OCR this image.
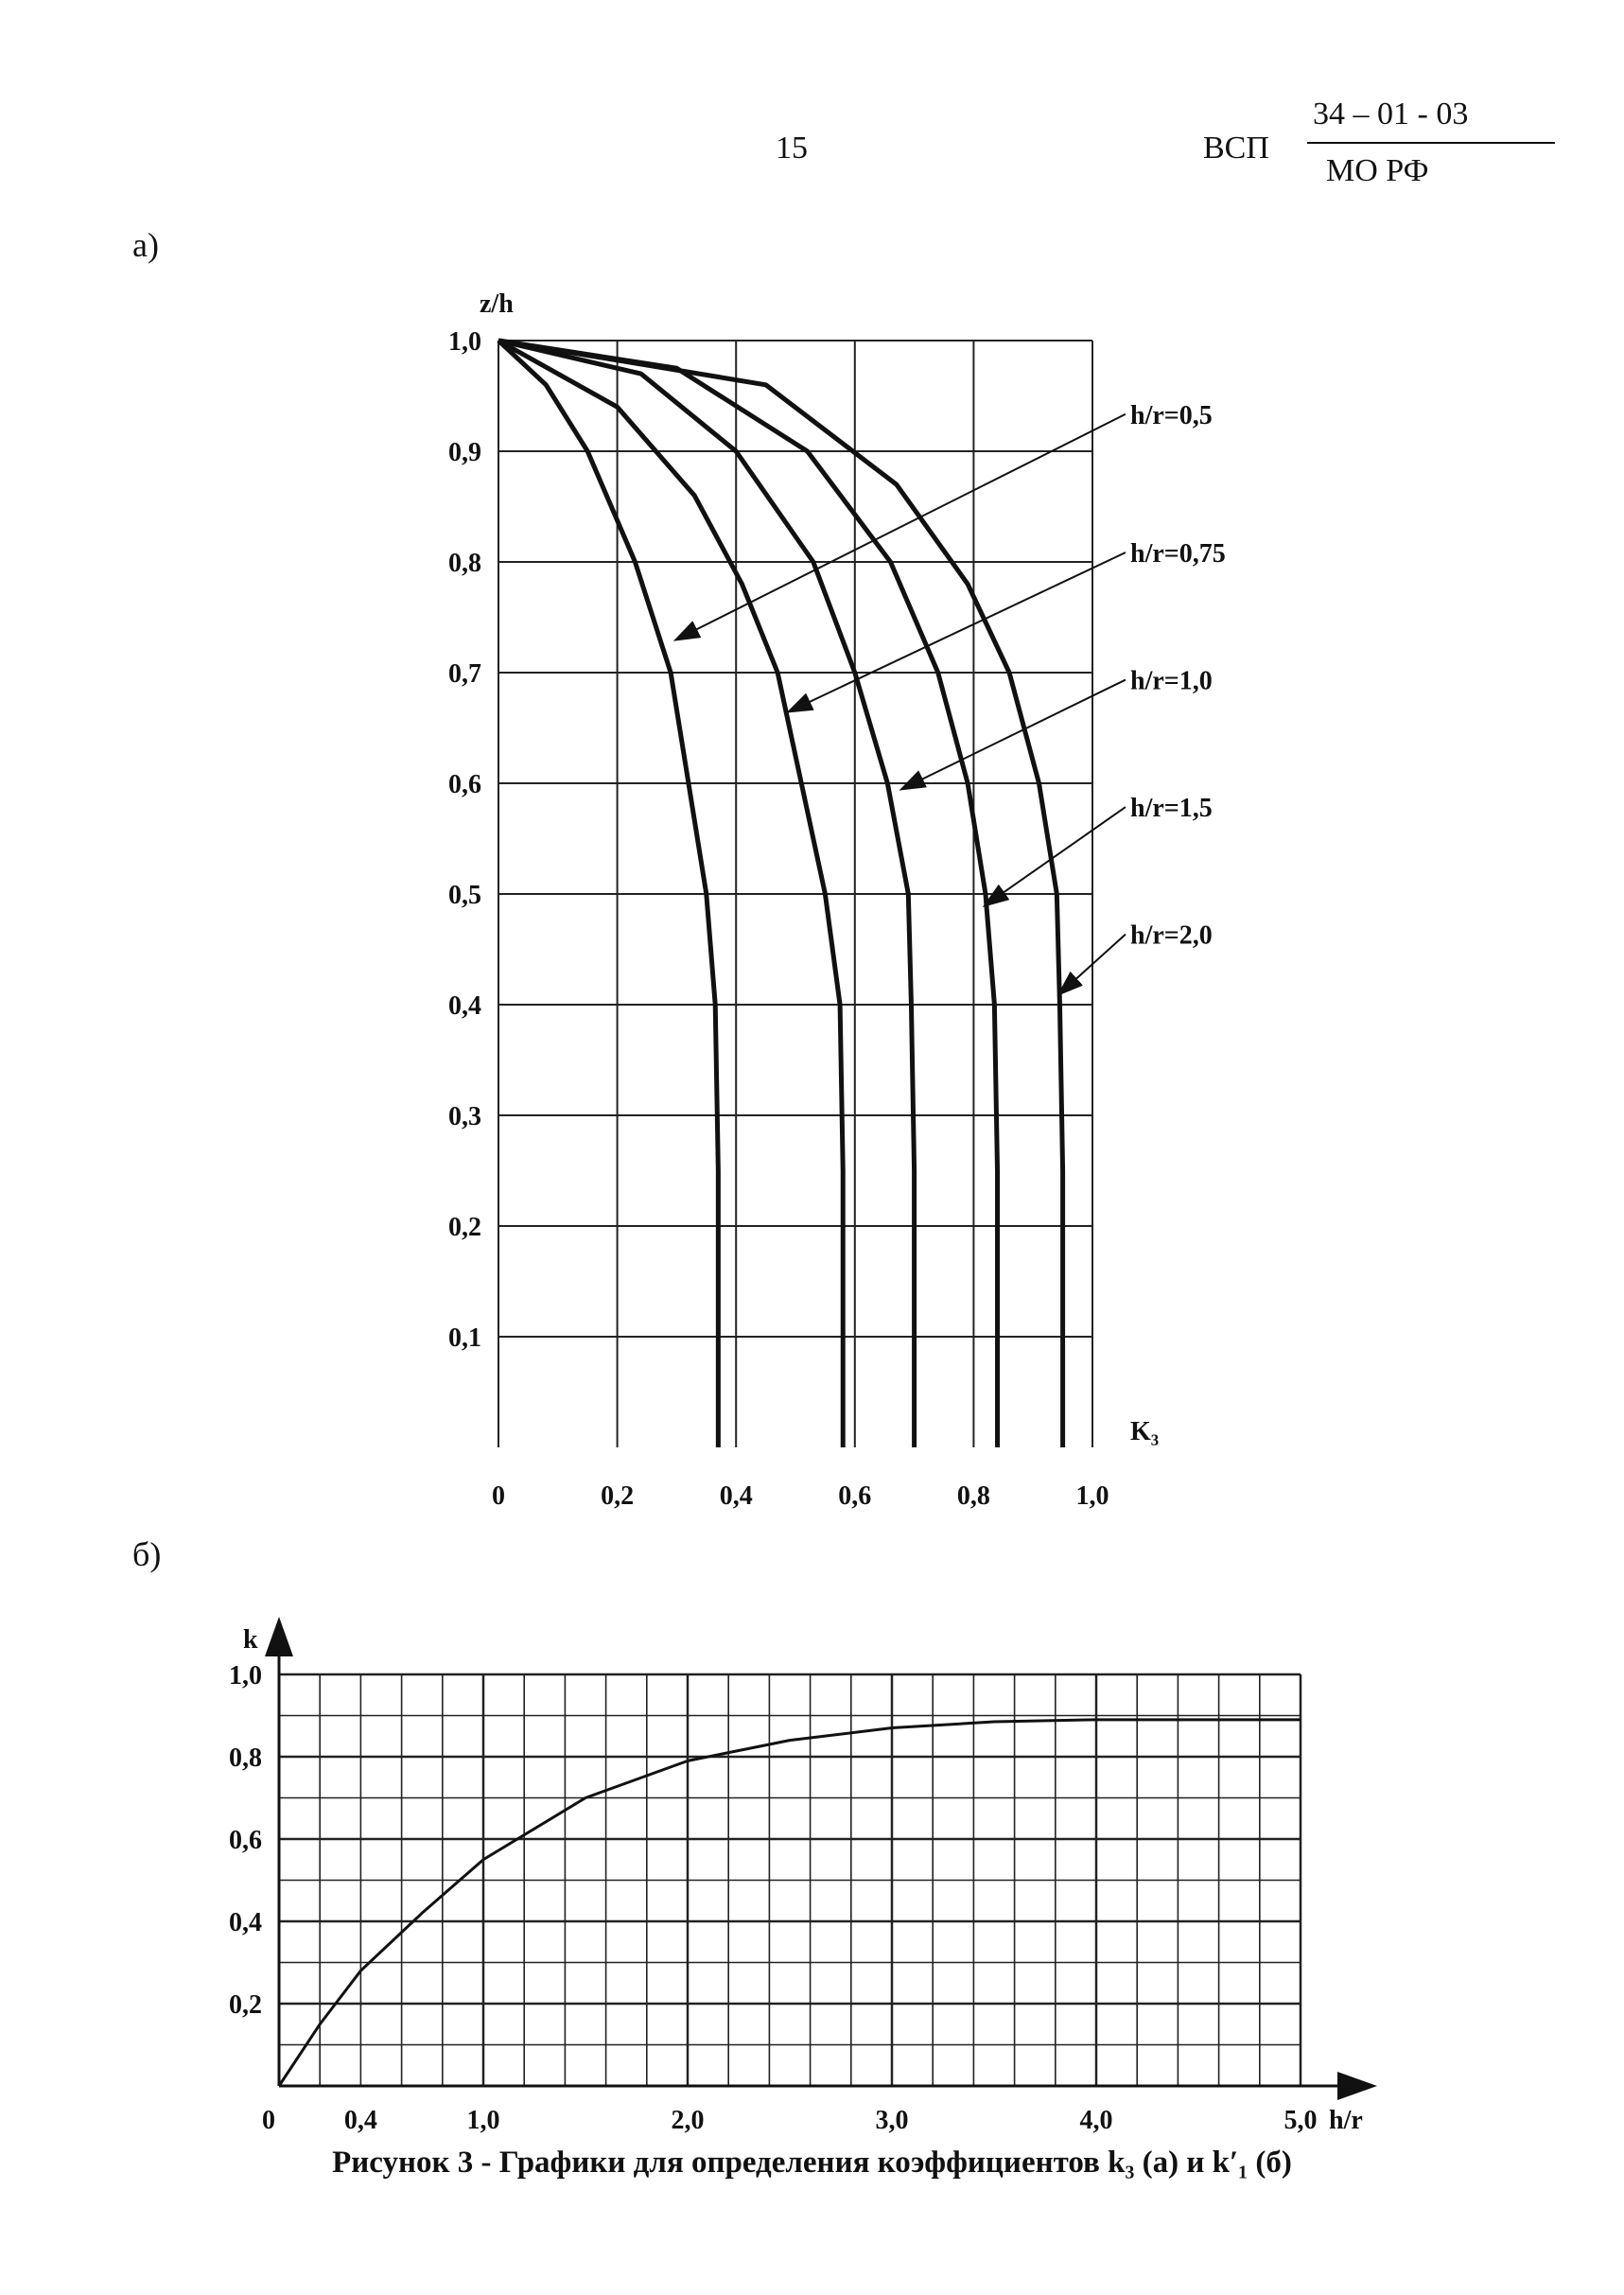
15	ВСП
34 – 01 - 03
МО РФ
а)
0,1
0,2
0,3
0,4
0,5
0,6
0,7
0,8
0,9
1,0
0	0,2	0,4	0,6	0,8	1,0
z/h
K₃
h/r=0,5
h/r=0,75
h/r=1,0
h/r=1,5
h/r=2,0
б)
0,2
0,4
0,6
0,8
1,0
0	0,4	1,0	2,0	3,0	4,0	5,0 h/r
k
Рисунок 3 - Графики для определения коэффициентов k₃ (а) и k′₁ (б)
